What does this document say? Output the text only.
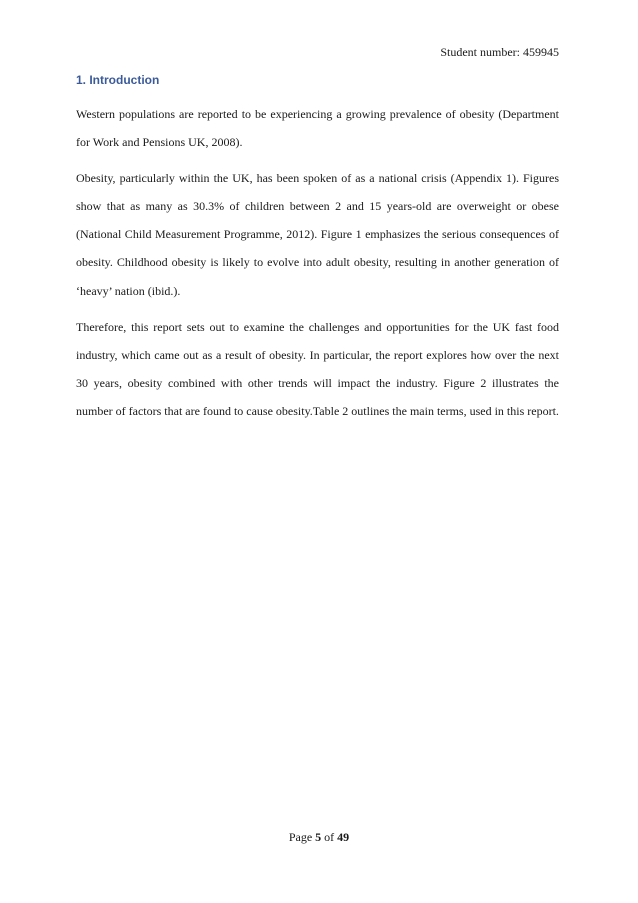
Student number: 459945
1. Introduction

Western populations are reported to be experiencing a growing prevalence of obesity (Department for Work and Pensions UK, 2008).

Obesity, particularly within the UK, has been spoken of as a national crisis (Appendix 1). Figures show that as many as 30.3% of children between 2 and 15 years-old are overweight or obese (National Child Measurement Programme, 2012). Figure 1 emphasizes the serious consequences of obesity. Childhood obesity is likely to evolve into adult obesity, resulting in another generation of ‘heavy’ nation (ibid.).

Therefore, this report sets out to examine the challenges and opportunities for the UK fast food industry, which came out as a result of obesity. In particular, the report explores how over the next 30 years, obesity combined with other trends will impact the industry. Figure 2 illustrates the number of factors that are found to cause obesity.Table 2 outlines the main terms, used in this report.

Page 5 of 49
